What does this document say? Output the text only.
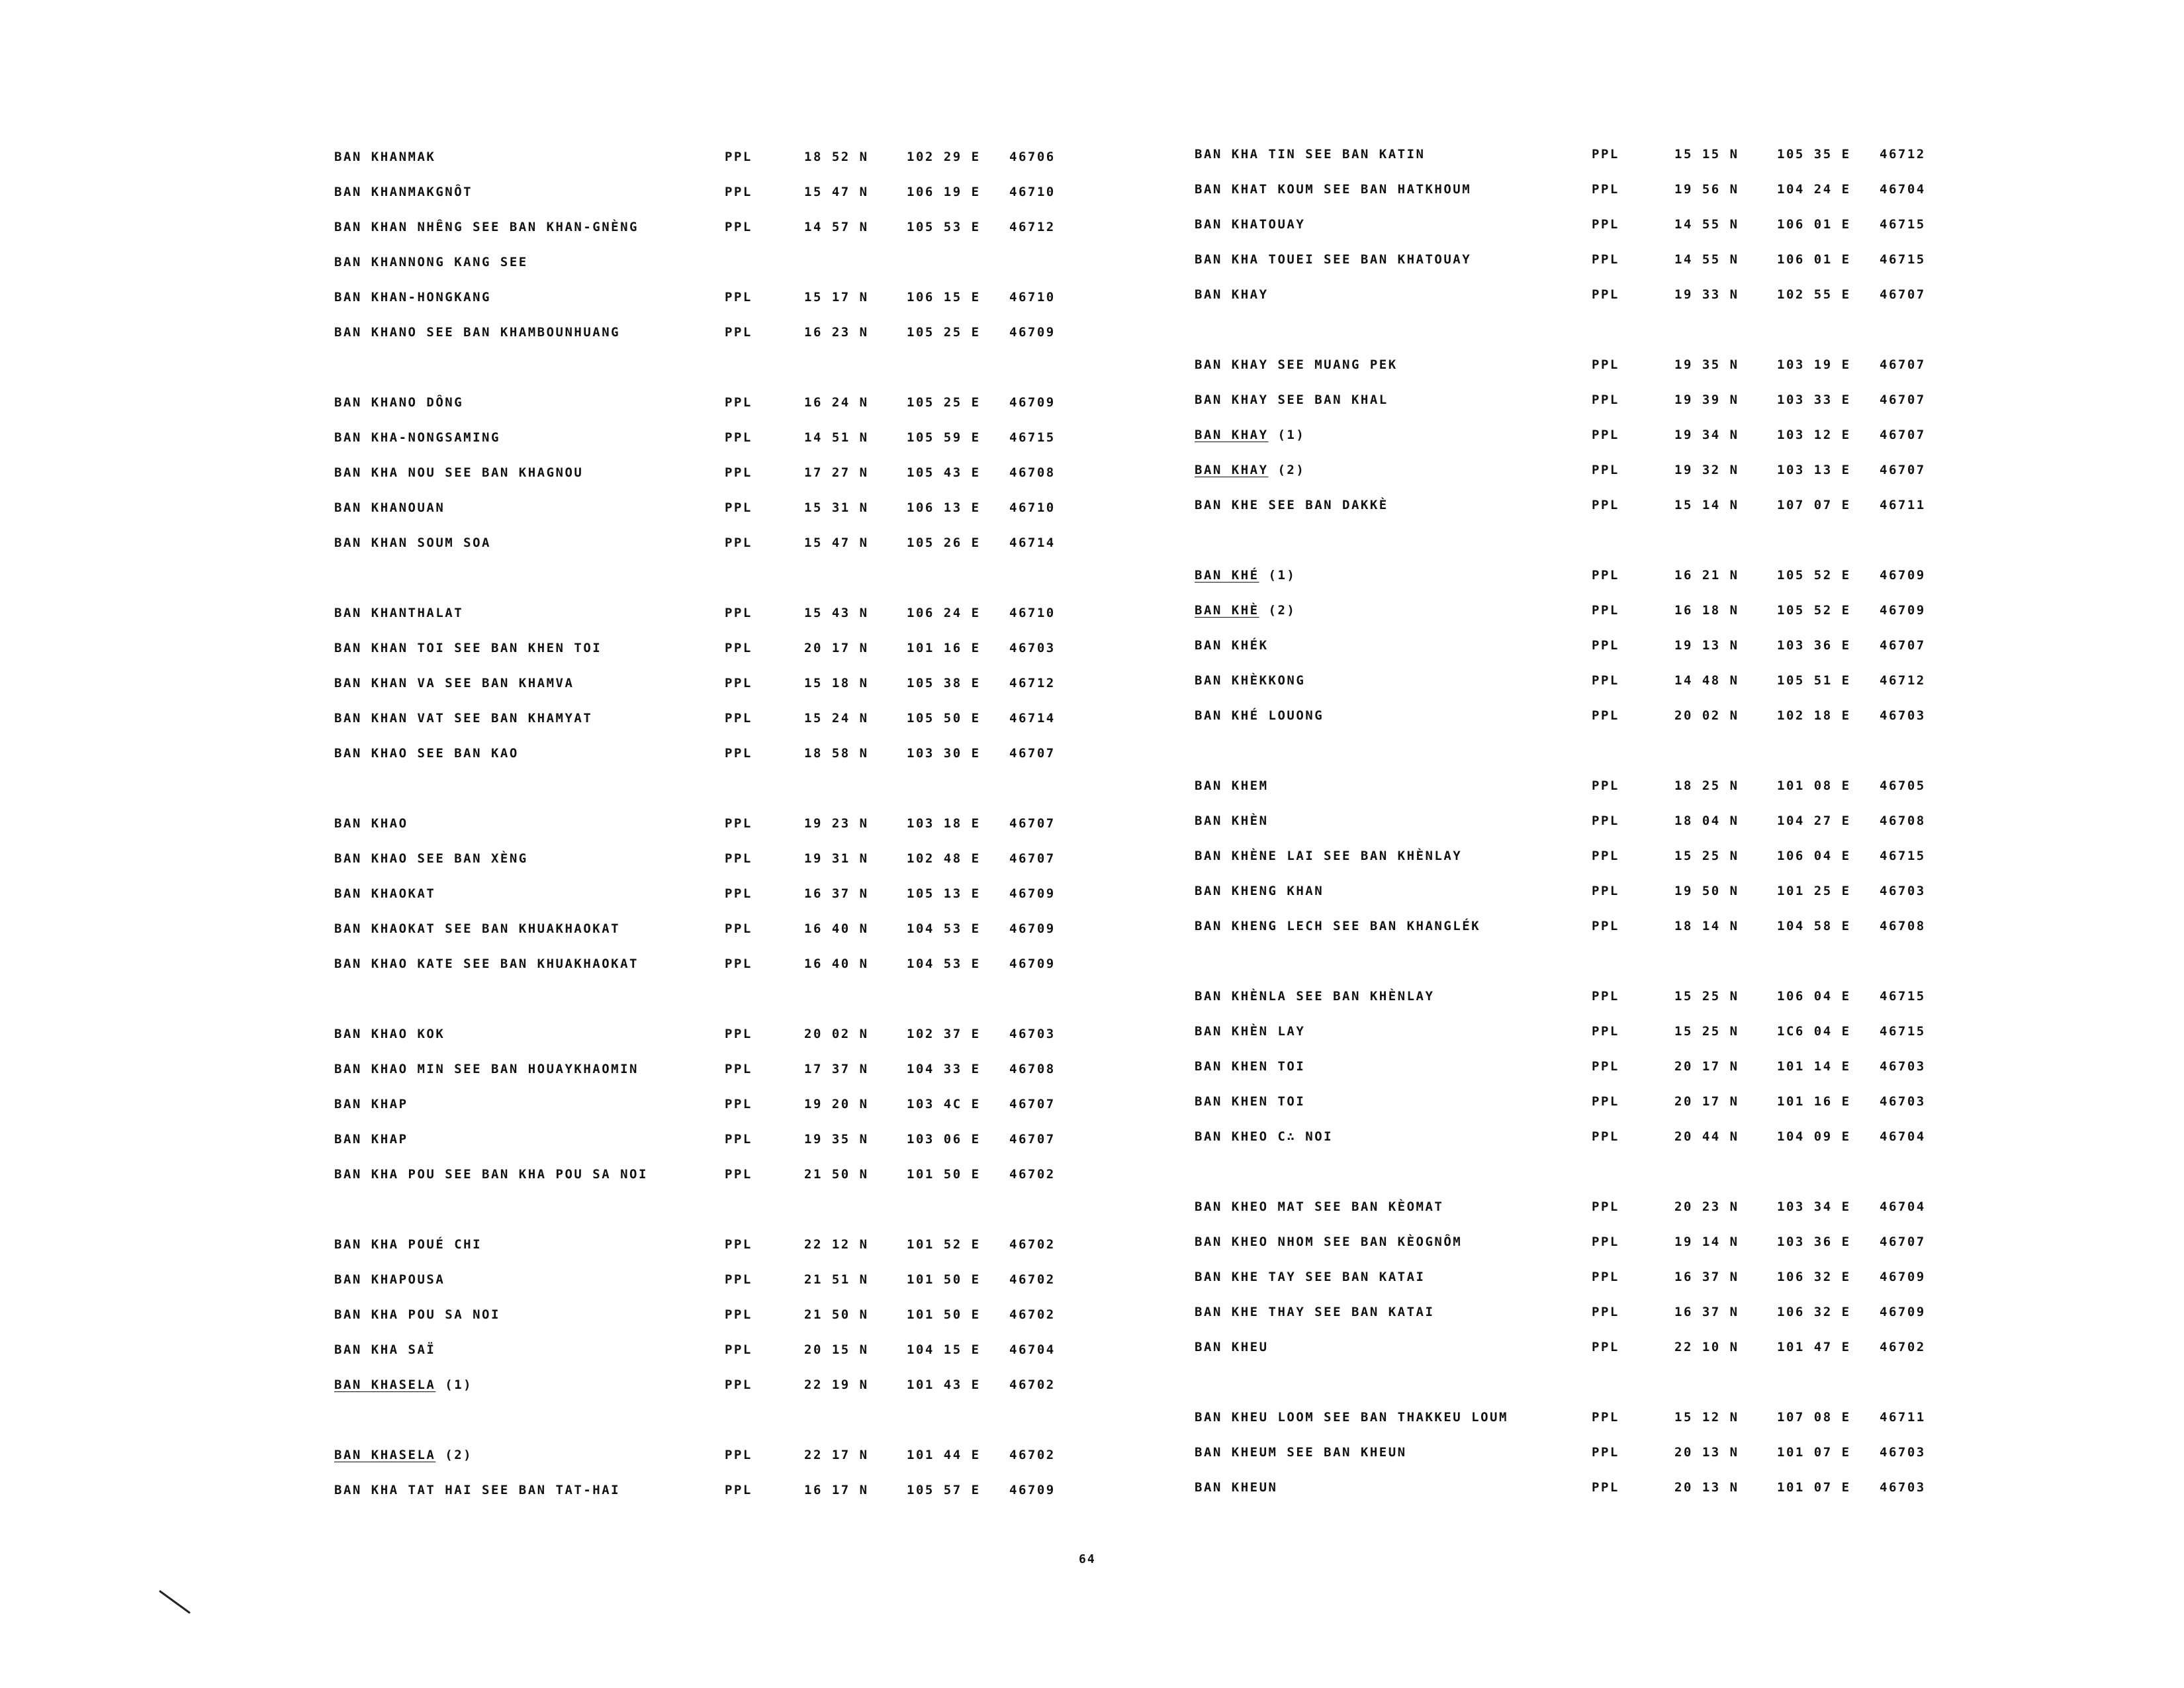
BAN KHANMAK	PPL	18 52 N	102 29 E 46706
BAN KHANMAKGNÔT	PPL	15 47 N	106 19 E 46710
BAN KHAN NHÊNG SEE BAN KHAN-GNÈNG	PPL	14 57 N	105 53 E 46712
BAN KHANNONG KANG SEE
BAN KHAN-HONGKANG	PPL	15 17 N	106 15 E 46710
BAN KHANO SEE BAN KHAMBOUNHUANG	PPL	16 23 N	105 25 E 46709
BAN KHANO DÔNG	PPL	16 24 N	105 25 E 46709
BAN KHA-NONGSAMING	PPL	14 51 N	105 59 E 46715
BAN KHA NOU SEE BAN KHAGNOU	PPL	17 27 N	105 43 E 46708
BAN KHANOUAN	PPL	15 31 N	106 13 E 46710
BAN KHAN SOUM SOA	PPL	15 47 N	105 26 E 46714
BAN KHANTHALAT	PPL	15 43 N	106 24 E 46710
BAN KHAN TOI SEE BAN KHEN TOI	PPL	20 17 N	101 16 E 46703
BAN KHAN VA SEE BAN KHAMVA	PPL	15 18 N	105 38 E 46712
BAN KHAN VAT SEE BAN KHAMYAT	PPL	15 24 N	105 50 E 46714
BAN KHAO SEE BAN KAO	PPL	18 58 N	103 30 E 46707
BAN KHAO	PPL	19 23 N	103 18 E 46707
BAN KHAO SEE BAN XÈNG	PPL	19 31 N	102 48 E 46707
BAN KHAOKAT	PPL	16 37 N	105 13 E 46709
BAN KHAOKAT SEE BAN KHUAKHAOKAT	PPL	16 40 N	104 53 E 46709
BAN KHAO KATE SEE BAN KHUAKHAOKAT	PPL	16 40 N	104 53 E 46709
BAN KHAO KOK	PPL	20 02 N	102 37 E 46703
BAN KHAO MIN SEE BAN HOUAYKHAOMIN	PPL	17 37 N	104 33 E 46708
BAN KHAP	PPL	19 20 N	103 4C E 46707
BAN KHAP	PPL	19 35 N	103 06 E 46707
BAN KHA POU SEE BAN KHA POU SA NOI	PPL	21 50 N	101 50 E 46702
BAN KHA POUÉ CHI	PPL	22 12 N	101 52 E 46702
BAN KHAPOUSA	PPL	21 51 N	101 50 E 46702
BAN KHA POU SA NOI	PPL	21 50 N	101 50 E 46702
BAN KHA SAÏ	PPL	20 15 N	104 15 E 46704
BAN KHASELA (1)	PPL	22 19 N	101 43 E 46702
BAN KHASELA (2)	PPL	22 17 N	101 44 E 46702
BAN KHA TAT HAI SEE BAN TAT-HAI	PPL	16 17 N	105 57 E 46709
BAN KHA TIN SEE BAN KATIN	PPL	15 15 N	105 35 E 46712
BAN KHAT KOUM SEE BAN HATKHOUM	PPL	19 56 N	104 24 E 46704
BAN KHATOUAY	PPL	14 55 N	106 01 E 46715
BAN KHA TOUEI SEE BAN KHATOUAY	PPL	14 55 N	106 01 E 46715
BAN KHAY	PPL	19 33 N	102 55 E 46707
BAN KHAY SEE MUANG PEK	PPL	19 35 N	103 19 E 46707
BAN KHAY SEE BAN KHAL	PPL	19 39 N	103 33 E 46707
BAN KHAY (1)	PPL	19 34 N	103 12 E 46707
BAN KHAY (2)	PPL	19 32 N	103 13 E 46707
BAN KHE SEE BAN DAKKÈ	PPL	15 14 N	107 07 E 46711
BAN KHÉ (1)	PPL	16 21 N	105 52 E 46709
BAN KHÈ (2)	PPL	16 18 N	105 52 E 46709
BAN KHÉK	PPL	19 13 N	103 36 E 46707
BAN KHÈKKONG	PPL	14 48 N	105 51 E 46712
BAN KHÉ LOUONG	PPL	20 02 N	102 18 E 46703
BAN KHEM	PPL	18 25 N	101 08 E 46705
BAN KHÈN	PPL	18 04 N	104 27 E 46708
BAN KHÈNE LAI SEE BAN KHÈNLAY	PPL	15 25 N	106 04 E 46715
BAN KHENG KHAN	PPL	19 50 N	101 25 E 46703
BAN KHENG LECH SEE BAN KHANGLÉK	PPL	18 14 N	104 58 E 46708
BAN KHÈNLA SEE BAN KHÈNLAY	PPL	15 25 N	106 04 E 46715
BAN KHÈN LAY	PPL	15 25 N	1C6 04 E 46715
BAN KHEN TOI	PPL	20 17 N	101 14 E 46703
BAN KHEN TOI	PPL	20 17 N	101 16 E 46703
BAN KHEO C∴ NOI	PPL	20 44 N	104 09 E 46704
BAN KHEO MAT SEE BAN KÈOMAT	PPL	20 23 N	103 34 E 46704
BAN KHEO NHOM SEE BAN KÈOGNÔM	PPL	19 14 N	103 36 E 46707
BAN KHE TAY SEE BAN KATAI	PPL	16 37 N	106 32 E 46709
BAN KHE THAY SEE BAN KATAI	PPL	16 37 N	106 32 E 46709
BAN KHEU	PPL	22 10 N	101 47 E 46702
BAN KHEU LOOM SEE BAN THAKKEU LOUM	PPL	15 12 N	107 08 E 46711
BAN KHEUM SEE BAN KHEUN	PPL	20 13 N	101 07 E 46703
BAN KHEUN	PPL	20 13 N	101 07 E 46703
64
